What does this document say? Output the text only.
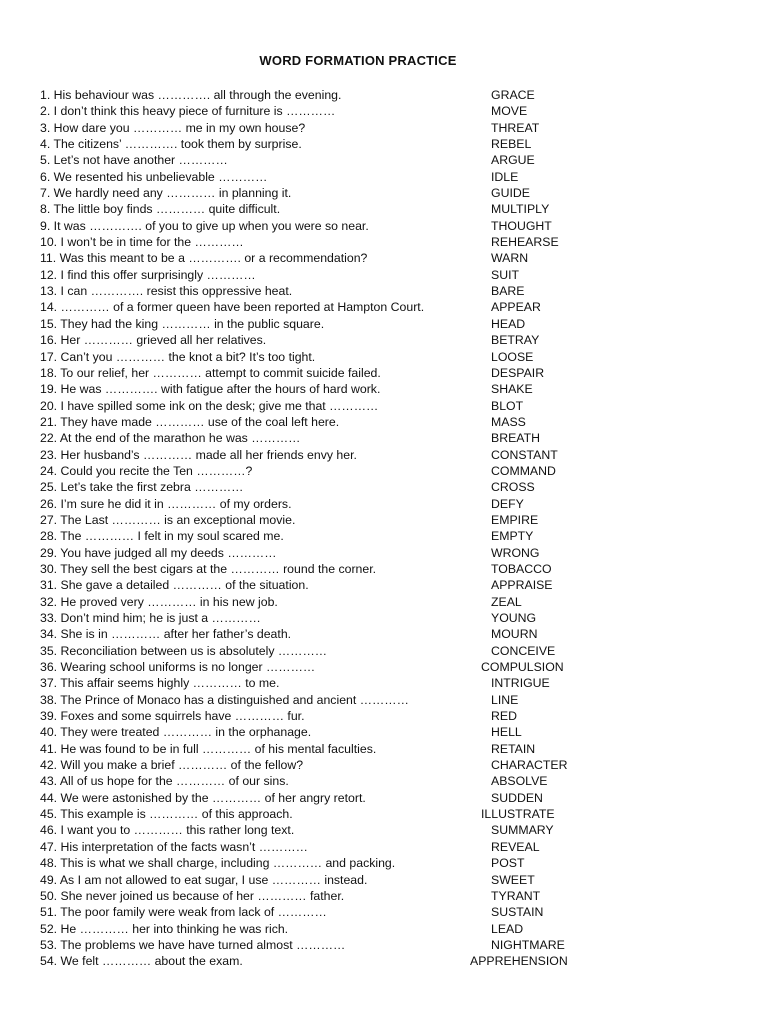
WORD FORMATION PRACTICE
1. His behaviour was …………. all through the evening.	GRACE
2. I don’t think this heavy piece of furniture is …………	MOVE
3. How dare you ………… me in my own house?	THREAT
4. The citizens’ …………. took them by surprise.	REBEL
5. Let’s not have another …………	ARGUE
6. We resented his unbelievable …………	IDLE
7. We hardly need any ………… in planning it.	GUIDE
8. The little boy finds ………… quite difficult.	MULTIPLY
9. It was …………. of you to give up when you were so near.	THOUGHT
10. I won’t be in time for the …………	REHEARSE
11. Was this meant to be a …………. or a recommendation?	WARN
12. I find this offer surprisingly …………	SUIT
13. I can …………. resist this oppressive heat.	BARE
14. ………… of a former queen have been reported at Hampton Court.	APPEAR
15. They had the king ………… in the public square.	HEAD
16. Her ………… grieved all her relatives.	BETRAY
17. Can’t you ………… the knot a bit? It’s too tight.	LOOSE
18. To our relief, her ………… attempt to commit suicide failed.	DESPAIR
19. He was …………. with fatigue after the hours of hard work.	SHAKE
20. I have spilled some ink on the desk; give me that …………	BLOT
21. They have made ………… use of the coal left here.	MASS
22. At the end of the marathon he was …………	BREATH
23. Her husband’s ………… made all her friends envy her.	CONSTANT
24. Could you recite the Ten …………?	COMMAND
25. Let’s take the first zebra …………	CROSS
26. I’m sure he did it in ………… of my orders.	DEFY
27. The Last ………… is an exceptional movie.	EMPIRE
28. The ………… I felt in my soul scared me.	EMPTY
29. You have judged all my deeds …………	WRONG
30. They sell the best cigars at the ………… round the corner.	TOBACCO
31. She gave a detailed ………… of the situation.	APPRAISE
32. He proved very ………… in his new job.	ZEAL
33. Don’t mind him; he is just a …………	YOUNG
34. She is in ………… after her father’s death.	MOURN
35. Reconciliation between us is absolutely …………	CONCEIVE
36. Wearing school uniforms is no longer …………	COMPULSION
37. This affair seems highly ………… to me.	INTRIGUE
38. The Prince of Monaco has a distinguished and ancient …………	LINE
39. Foxes and some squirrels have ………… fur.	RED
40. They were treated ………… in the orphanage.	HELL
41. He was found to be in full ………… of his mental faculties.	RETAIN
42. Will you make a brief ………… of the fellow?	CHARACTER
43. All of us hope for the ………… of our sins.	ABSOLVE
44. We were astonished by the ………… of her angry retort.	SUDDEN
45. This example is ………… of this approach.	ILLUSTRATE
46. I want you to ………… this rather long text.	SUMMARY
47. His interpretation of the facts wasn’t …………	REVEAL
48. This is what we shall charge, including ………… and packing.	POST
49. As I am not allowed to eat sugar, I use ………… instead.	SWEET
50. She never joined us because of her ………… father.	TYRANT
51. The poor family were weak from lack of …………	SUSTAIN
52. He ………… her into thinking he was rich.	LEAD
53. The problems we have have turned almost …………	NIGHTMARE
54. We felt ………… about the exam.	APPREHENSION
